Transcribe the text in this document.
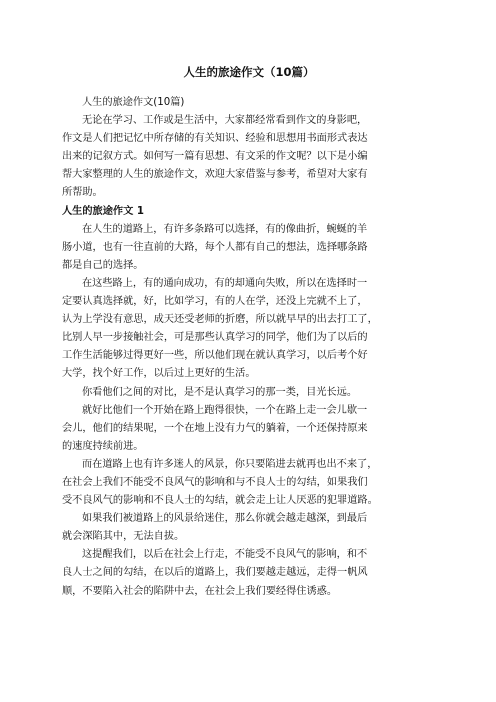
人生的旅途作文（10篇）
人生的旅途作文(10篇)
无论在学习、工作或是生活中，大家都经常看到作文的身影吧，
作文是人们把记忆中所存储的有关知识、经验和思想用书面形式表达
出来的记叙方式。如何写一篇有思想、有文采的作文呢？以下是小编
帮大家整理的人生的旅途作文，欢迎大家借鉴与参考，希望对大家有
所帮助。
人生的旅途作文 1
在人生的道路上，有许多条路可以选择，有的像曲折，蜿蜒的羊
肠小道，也有一往直前的大路，每个人都有自己的想法，选择哪条路
都是自己的选择。
在这些路上，有的通向成功，有的却通向失败，所以在选择时一
定要认真选择就，好，比如学习，有的人在学，还没上完就不上了，
认为上学没有意思，成天还受老师的折磨，所以就早早的出去打工了，
比别人早一步接触社会，可是那些认真学习的同学，他们为了以后的
工作生活能够过得更好一些，所以他们现在就认真学习，以后考个好
大学，找个好工作，以后过上更好的生活。
你看他们之间的对比，是不是认真学习的那一类，目光长远。
就好比他们一个开始在路上跑得很快，一个在路上走一会儿歇一
会儿，他们的结果呢，一个在地上没有力气的躺着，一个还保持原来
的速度持续前进。
而在道路上也有许多迷人的风景，你只要陷进去就再也出不来了，
在社会上我们不能受不良风气的影响和与不良人士的勾结，如果我们
受不良风气的影响和不良人士的勾结，就会走上让人厌恶的犯罪道路。
如果我们被道路上的风景给迷住，那么你就会越走越深，到最后
就会深陷其中，无法自拔。
这提醒我们，以后在社会上行走，不能受不良风气的影响，和不
良人士之间的勾结，在以后的道路上，我们要越走越远，走得一帆风
顺，不要陷入社会的陷阱中去，在社会上我们要经得住诱惑。
